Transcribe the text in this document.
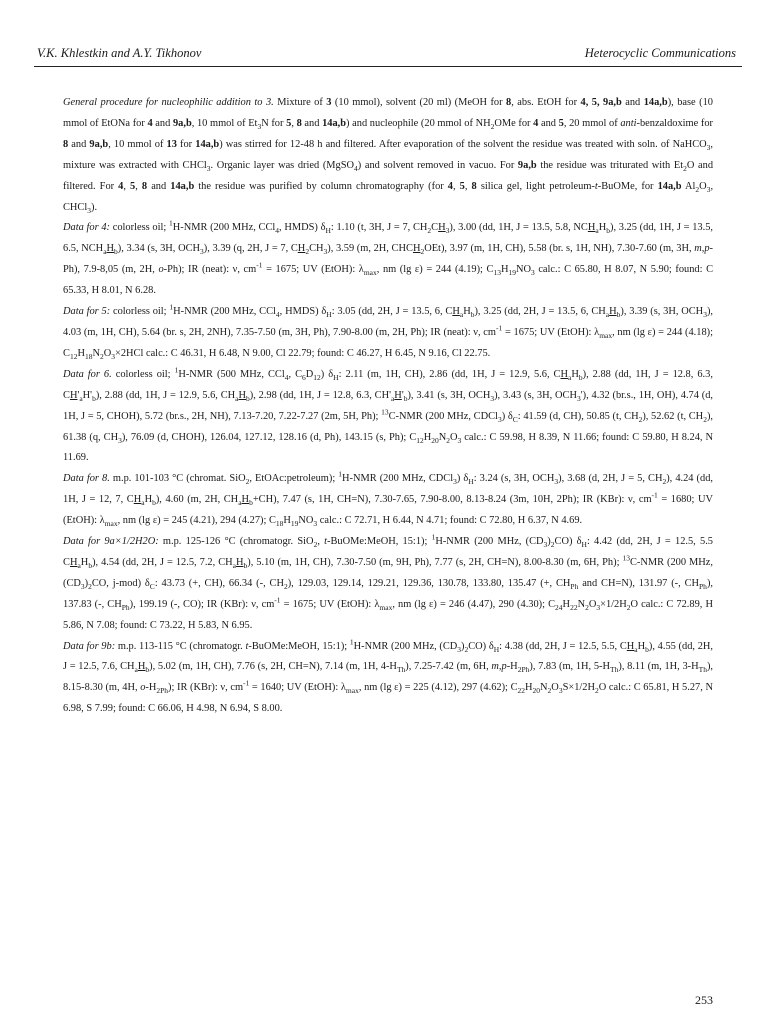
V.K. Khlestkin and A.Y. Tikhonov	Heterocyclic Communications

General procedure for nucleophilic addition to 3. Mixture of 3 (10 mmol), solvent (20 ml) (MeOH for 8, abs. EtOH for 4, 5, 9a,b and 14a,b), base (10 mmol of EtONa for 4 and 9a,b, 10 mmol of $Et_3N$ for 5, 8 and 14a,b) and nucleophile (20 mmol of $NH_2OMe$ for 4 and 5, 20 mmol of anti-benzaldoxime for 8 and 9a,b, 10 mmol of 13 for 14a,b) was stirred for 12-48 h and filtered. After evaporation of the solvent the residue was treated with soln. of NaHCO$_3$, mixture was extracted with CHCl$_3$. Organic layer was dried (MgSO$_4$) and solvent removed in vacuo. For 9a,b the residue was triturated with $Et_2O$ and filtered. For 4, 5, 8 and 14a,b the residue was purified by column chromatography (for 4, 5, 8 silica gel, light petroleum-t-BuOMe, for 14a,b $Al_2O_3$, CHCl$_3$).

Data for 4: colorless oil; $^1$H-NMR (200 MHz, CCl$_4$, HMDS) $\delta_H$: 1.10 (t, 3H, J = 7, $CH_2CH_3$), 3.00 (dd, 1H, J = 13.5, 5.8, $NCH_aH_b$), 3.25 (dd, 1H, J = 13.5, 6.5, $NCH_aH_b$), 3.34 (s, 3H, $OCH_3$), 3.39 (q, 2H, J = 7, $CH_2CH_3$), 3.59 (m, 2H, $CHCH_2OEt$), 3.97 (m, 1H, CH), 5.58 (br. s, 1H, NH), 7.30-7.60 (m, 3H, m,p-Ph), 7.9-8,05 (m, 2H, o-Ph); IR (neat): ν, $cm^{-1} = 1675$; UV (EtOH): $\lambda_{max}$, nm (lg ε) = 244 (4.19); $C_{13}H_{19}NO_3$ calc.: C 65.80, H 8.07, N 5.90; found: C 65.33, H 8.01, N 6.28.

Data for 5: colorless oil; $^1$H-NMR (200 MHz, CCl$_4$, HMDS) $\delta_H$: 3.05 (dd, 2H, J = 13.5, 6, $CH_aH_b$), 3.25 (dd, 2H, J = 13.5, 6, $CH_aH_b$), 3.39 (s, 3H, $OCH_3$), 4.03 (m, 1H, CH), 5.64 (br. s, 2H, 2NH), 7.35-7.50 (m, 3H, Ph), 7.90-8.00 (m, 2H, Ph); IR (neat): ν, $cm^{-1} = 1675$; UV (EtOH): $\lambda_{max}$, nm (lg ε) = 244 (4.18); $C_{12}H_{18}N_2O_3\times 2HCl$ calc.: C 46.31, H 6.48, N 9.00, Cl 22.79; found: C 46.27, H 6.45, N 9.16, Cl 22.75.

Data for 6. colorless oil; $^1$H-NMR (500 MHz, CCl$_4$, $C_6D_{12}$) $\delta_H$: 2.11 (m, 1H, CH), 2.86 (dd, 1H, J = 12.9, 5.6, $CH_aH_b$), 2.88 (dd, 1H, J = 12.8, 6.3, $CH'_aH'_b$), 2.88 (dd, 1H, J = 12.9, 5.6, $CH_aH_b$), 2.98 (dd, 1H, J = 12.8, 6.3, $CH'_aH'_b$), 3.41 (s, 3H, $OCH_3$), 3.43 (s, 3H, $OCH_3'$), 4.32 (br.s., 1H, OH), 4.74 (d, 1H, J = 5, CHOH), 5.72 (br.s., 2H, NH), 7.13-7.20, 7.22-7.27 (2m, 5H, Ph); $^{13}$C-NMR (200 MHz, CDCl$_3$) $\delta_C$: 41.59 (d, CH), 50.85 (t, $CH_2$), 52.62 (t, $CH_2$), 61.38 (q, $CH_3$), 76.09 (d, CHOH), 126.04, 127.12, 128.16 (d, Ph), 143.15 (s, Ph); $C_{12}H_{20}N_2O_3$ calc.: C 59.98, H 8.39, N 11.66; found: C 59.80, H 8.24, N 11.69.

Data for 8. m.p. 101-103 °C (chromat. SiO$_2$, EtOAc:petroleum); $^1$H-NMR (200 MHz, CDCl$_3$) $\delta_H$: 3.24 (s, 3H, $OCH_3$), 3.68 (d, 2H, J = 5, $CH_2$), 4.24 (dd, 1H, J = 12, 7, $CH_aH_b$), 4.60 (m, 2H, $CH_aH_b+CH$), 7.47 (s, 1H, CH=N), 7.30-7.65, 7.90-8.00, 8.13-8.24 (3m, 10H, 2Ph); IR (KBr): ν, $cm^{-1} = 1680$; UV (EtOH): $\lambda_{max}$, nm (lg ε) = 245 (4.21), 294 (4.27); $C_{18}H_{19}NO_3$ calc.: C 72.71, H 6.44, N 4.71; found: C 72.80, H 6.37, N 4.69.

Data for 9a×1/2H2O: m.p. 125-126 °C (chromatogr. SiO$_2$, t-BuOMe:MeOH, 15:1); $^1$H-NMR (200 MHz, $(CD_3)_2CO$) $\delta_H$: 4.42 (dd, 2H, J = 12.5, 5.5 $CH_aH_b$), 4.54 (dd, 2H, J = 12.5, 7.2, $CH_aH_b$), 5.10 (m, 1H, CH), 7.30-7.50 (m, 9H, Ph), 7.77 (s, 2H, CH=N), 8.00-8.30 (m, 6H, Ph); $^{13}$C-NMR (200 MHz, $(CD_3)_2CO$, j-mod) $\delta_C$: 43.73 (+, CH), 66.34 (-, $CH_2$), 129.03, 129.14, 129.21, 129.36, 130.78, 133.80, 135.47 (+, $CH_{Ph}$ and CH=N), 131.97 (-, $CH_{Ph}$), 137.83 (-, $CH_{Ph}$), 199.19 (-, CO); IR (KBr): ν, $cm^{-1} = 1675$; UV (EtOH): $\lambda_{max}$, nm (lg ε) = 246 (4.47), 290 (4.30); $C_{24}H_{22}N_2O_3\times 1/2H_2O$ calc.: C 72.89, H 5.86, N 7.08; found: C 73.22, H 5.83, N 6.95.

Data for 9b: m.p. 113-115 °C (chromatogr. t-BuOMe:MeOH, 15:1); $^1$H-NMR (200 MHz, $(CD_3)_2CO$) $\delta_H$: 4.38 (dd, 2H, J = 12.5, 5.5, $CH_aH_b$), 4.55 (dd, 2H, J = 12.5, 7.6, $CH_aH_b$), 5.02 (m, 1H, CH), 7.76 (s, 2H, CH=N), 7.14 (m, 1H, $4-H_{Th}$), 7.25-7.42 (m, 6H, $m,p-H_{2Ph}$), 7.83 (m, 1H, $5-H_{Th}$), 8.11 (m, 1H, $3-H_{Th}$), 8.15-8.30 (m, 4H, $o-H_{2Ph}$); IR (KBr): ν, $cm^{-1} = 1640$; UV (EtOH): $\lambda_{max}$, nm (lg ε) = 225 (4.12), 297 (4.62); $C_{22}H_{20}N_2O_3S\times 1/2H_2O$ calc.: C 65.81, H 5.27, N 6.98, S 7.99; found: C 66.06, H 4.98, N 6.94, S 8.00.

253
